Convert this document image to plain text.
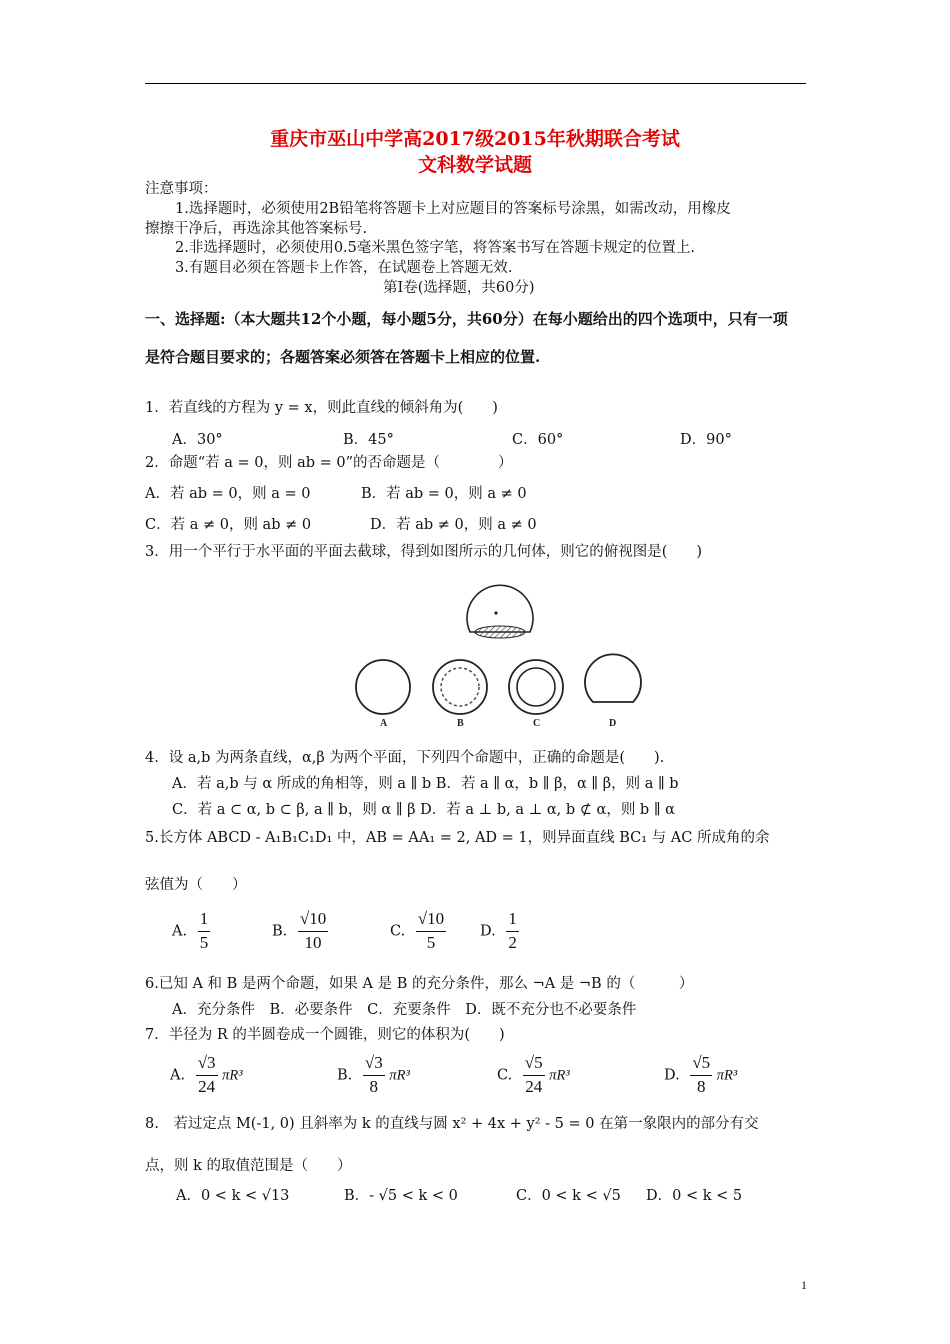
重庆市巫山中学高2017级2015年秋期联合考试
文科数学试题
注意事项：
1.选择题时，必须使用2B铅笔将答题卡上对应题目的答案标号涂黑，如需改动，用橡皮
擦擦干净后，再选涂其他答案标号.
2.非选择题时，必须使用0.5毫米黑色签字笔，将答案书写在答题卡规定的位置上.
3.有题目必须在答题卡上作答，在试题卷上答题无效.
第Ⅰ卷(选择题，共60分)
一、选择题:（本大题共12个小题，每小题5分，共60分）在每小题给出的四个选项中，只有一项
是符合题目要求的；各题答案必须答在答题卡上相应的位置.
1．若直线的方程为 y = x，则此直线的倾斜角为(　　)
A．30°	B．45°	C．60°	D．90°
2．命题“若 a = 0，则 ab = 0”的否命题是（　　　　）
A．若 ab = 0，则 a = 0	B．若 ab = 0，则 a ≠ 0
C．若 a ≠ 0，则 ab ≠ 0	D．若 ab ≠ 0，则 a ≠ 0
3．用一个平行于水平面的平面去截球，得到如图所示的几何体，则它的俯视图是(　　)
A	B	C	D
4．设 a,b 为两条直线，α,β 为两个平面，下列四个命题中，正确的命题是(　　).
A．若 a,b 与 α 所成的角相等，则 a ∥ b B．若 a ∥ α，b ∥ β，α ∥ β，则 a ∥ b
C．若 a ⊂ α, b ⊂ β, a ∥ b，则 α ∥ β D．若 a ⊥ b, a ⊥ α, b ⊄ α，则 b ∥ α
5.长方体 ABCD - A₁B₁C₁D₁ 中，AB = AA₁ = 2, AD = 1，则异面直线 BC₁ 与 AC 所成角的余
弦值为（　　）
A. $\frac{1}{5}$	B. $\frac{√10}{10}$	C. $\frac{√10}{5} D$. $\frac{1}{2}$
6.已知 A 和 B 是两个命题，如果 A 是 B 的充分条件，那么 ¬A 是 ¬B 的（　　　）
A．充分条件　B．必要条件　C．充要条件　D．既不充分也不必要条件
7．半径为 R 的半圆卷成一个圆锥，则它的体积为(　　)
A. $\frac{√3}{24} \pi R^3$	B. $\frac{√3}{8} \pi R^3$	C. $\frac{√5}{24} \pi R^3$	D. $\frac{√5}{8} \pi R^3$
8.　若过定点 M(-1, 0) 且斜率为 k 的直线与圆 x² + 4x + y² - 5 = 0 在第一象限内的部分有交
点，则 k 的取值范围是（　　）
A．0 < k < √13	B．- √5 < k < 0	C．0 < k < √5 D．0 < k < 5
1
